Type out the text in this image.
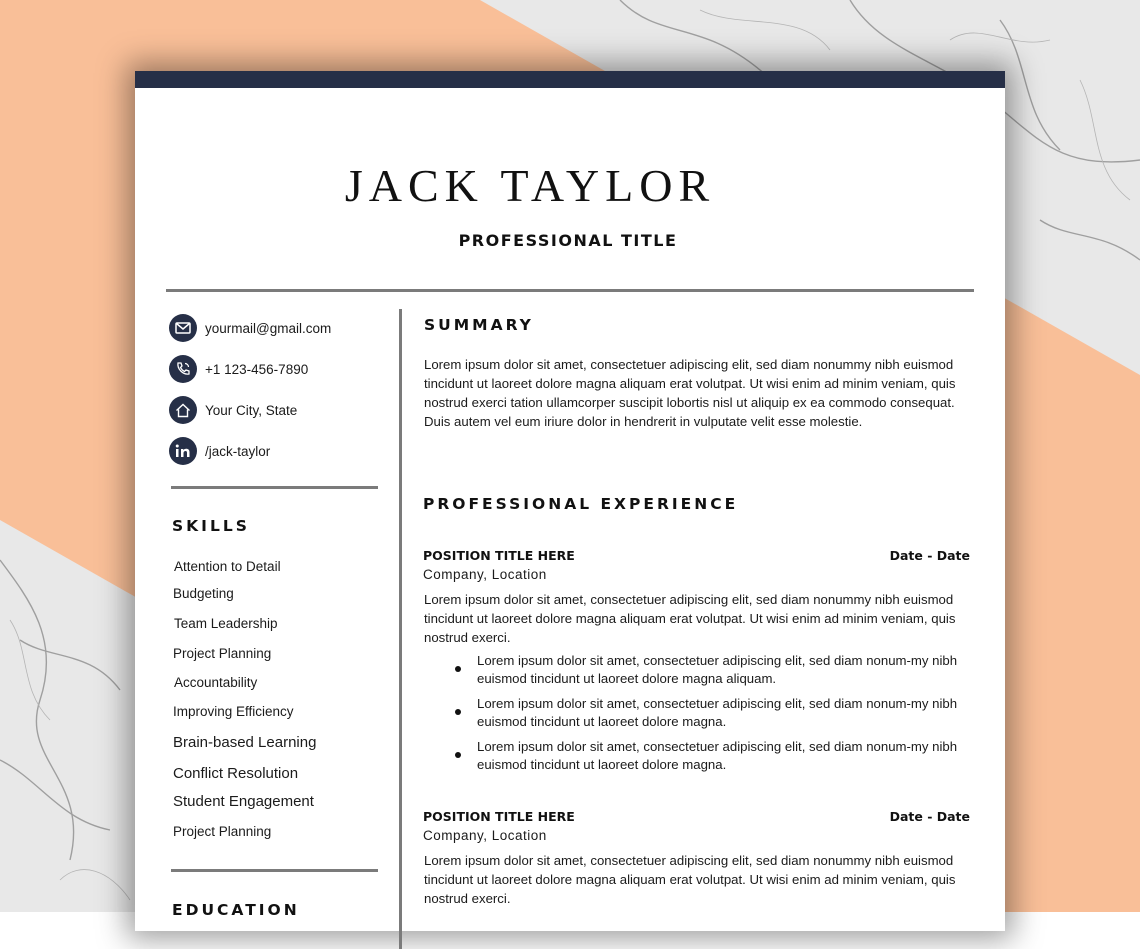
JACK TAYLOR
PROFESSIONAL TITLE
yourmail@gmail.com
+1 123-456-7890
Your City, State
/jack-taylor
SKILLS
Attention to Detail
Budgeting
Team Leadership
Project Planning
Accountability
Improving Efficiency
Brain-based Learning
Conflict Resolution
Student Engagement
Project Planning
EDUCATION
SUMMARY

Lorem ipsum dolor sit amet, consectetuer adipiscing elit, sed diam nonummy nibh euismod tincidunt ut laoreet dolore magna aliquam erat volutpat. Ut wisi enim ad minim veniam, quis nostrud exerci tation ullamcorper suscipit lobortis nisl ut aliquip ex ea commodo consequat. Duis autem vel eum iriure dolor in hendrerit in vulputate velit esse molestie.

PROFESSIONAL EXPERIENCE
POSITION TITLE HERE	Date - Date
Company, Location

Lorem ipsum dolor sit amet, consectetuer adipiscing elit, sed diam nonummy nibh euismod tincidunt ut laoreet dolore magna aliquam erat volutpat. Ut wisi enim ad minim veniam, quis nostrud exerci.

Lorem ipsum dolor sit amet, consectetuer adipiscing elit, sed diam nonum-my nibh euismod tincidunt ut laoreet dolore magna aliquam.

Lorem ipsum dolor sit amet, consectetuer adipiscing elit, sed diam nonum-my nibh euismod tincidunt ut laoreet dolore magna.

Lorem ipsum dolor sit amet, consectetuer adipiscing elit, sed diam nonum-my nibh euismod tincidunt ut laoreet dolore magna.

POSITION TITLE HERE	Date - Date
Company, Location

Lorem ipsum dolor sit amet, consectetuer adipiscing elit, sed diam nonummy nibh euismod tincidunt ut laoreet dolore magna aliquam erat volutpat. Ut wisi enim ad minim veniam, quis nostrud exerci.
